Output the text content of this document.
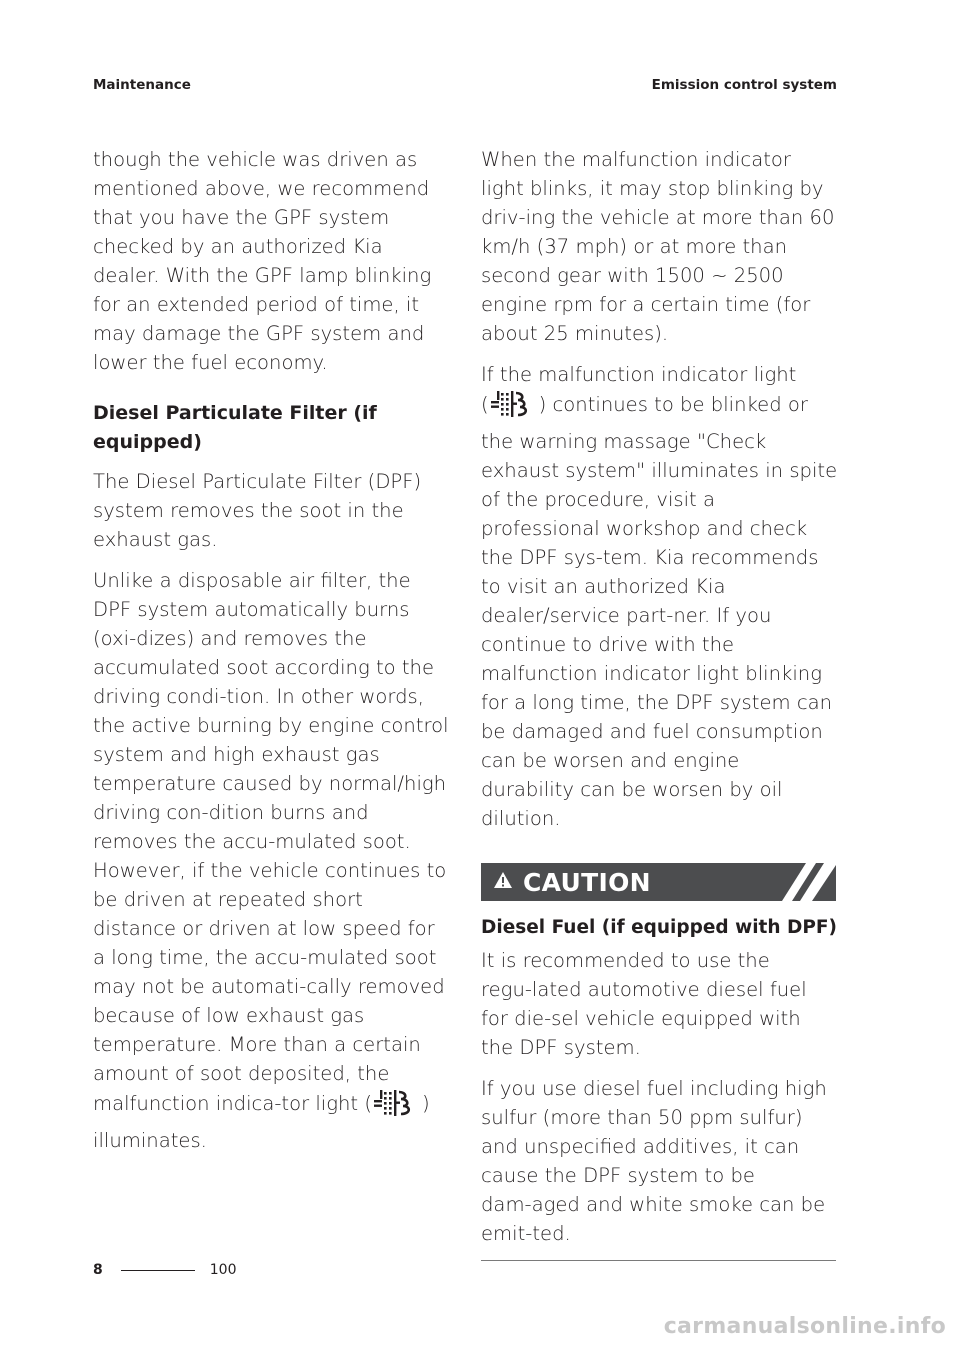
Maintenance	Emission control system

though the vehicle was driven as mentioned above, we recommend that you have the GPF system checked by an authorized Kia dealer. With the GPF lamp blinking for an extended period of time, it may damage the GPF system and lower the fuel economy.

Diesel Particulate Filter (if equipped)

The Diesel Particulate Filter (DPF) system removes the soot in the exhaust gas.

Unlike a disposable air filter, the DPF system automatically burns (oxi‑dizes) and removes the accumulated soot according to the driving condi‑tion. In other words, the active burning by engine control system and high exhaust gas temperature caused by normal/high driving con‑dition burns and removes the accu‑mulated soot. However, if the vehicle continues to be driven at repeated short distance or driven at low speed for a long time, the accu‑mulated soot may not be automati‑cally removed because of low exhaust gas temperature. More than a certain amount of soot deposited, the malfunction indica‑tor light (	) illuminates.

When the malfunction indicator light blinks, it may stop blinking by driv‑ing the vehicle at more than 60 km/h (37 mph) or at more than second gear with 1500 ~ 2500 engine rpm for a certain time (for about 25 minutes).

If the malfunction indicator light
(	) continues to be blinked or the warning massage "Check exhaust system" illuminates in spite of the procedure, visit a professional workshop and check the DPF sys‑tem. Kia recommends to visit an authorized Kia dealer/service part‑ner. If you continue to drive with the malfunction indicator light blinking for a long time, the DPF system can be damaged and fuel consumption can be worsen and engine durability can be worsen by oil dilution.

CAUTION
Diesel Fuel (if equipped with DPF)

It is recommended to use the regu‑lated automotive diesel fuel for die‑sel vehicle equipped with the DPF system.

If you use diesel fuel including high sulfur (more than 50 ppm sulfur) and unspecified additives, it can cause the DPF system to be dam‑aged and white smoke can be emit‑ted.

8	100
carmanualsonline.info
